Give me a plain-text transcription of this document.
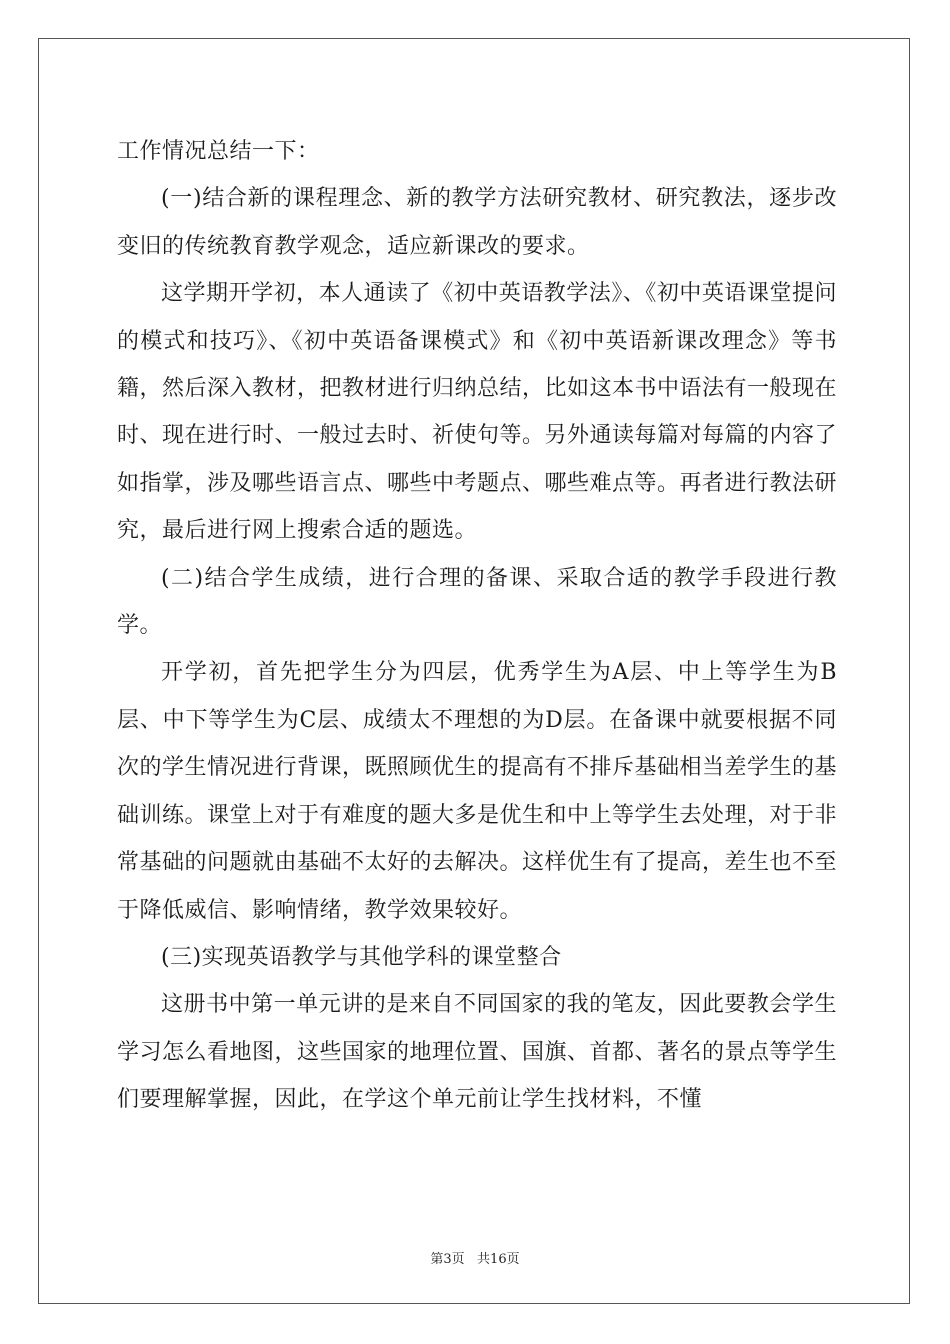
工作情况总结一下：

(一)结合新的课程理念、新的教学方法研究教材、研究教法，逐步改变旧的传统教育教学观念，适应新课改的要求。

这学期开学初，本人通读了《初中英语教学法》、《初中英语课堂提问的模式和技巧》、《初中英语备课模式》和《初中英语新课改理念》等书籍，然后深入教材，把教材进行归纳总结，比如这本书中语法有一般现在时、现在进行时、一般过去时、祈使句等。另外通读每篇对每篇的内容了如指掌，涉及哪些语言点、哪些中考题点、哪些难点等。再者进行教法研究，最后进行网上搜索合适的题选。

(二)结合学生成绩，进行合理的备课、采取合适的教学手段进行教学。

开学初，首先把学生分为四层，优秀学生为A层、中上等学生为B层、中下等学生为C层、成绩太不理想的为D层。在备课中就要根据不同次的学生情况进行背课，既照顾优生的提高有不排斥基础相当差学生的基础训练。课堂上对于有难度的题大多是优生和中上等学生去处理，对于非常基础的问题就由基础不太好的去解决。这样优生有了提高，差生也不至于降低威信、影响情绪，教学效果较好。

(三)实现英语教学与其他学科的课堂整合

这册书中第一单元讲的是来自不同国家的我的笔友，因此要教会学生学习怎么看地图，这些国家的地理位置、国旗、首都、著名的景点等学生们要理解掌握，因此，在学这个单元前让学生找材料，不懂

第3页   共16页
